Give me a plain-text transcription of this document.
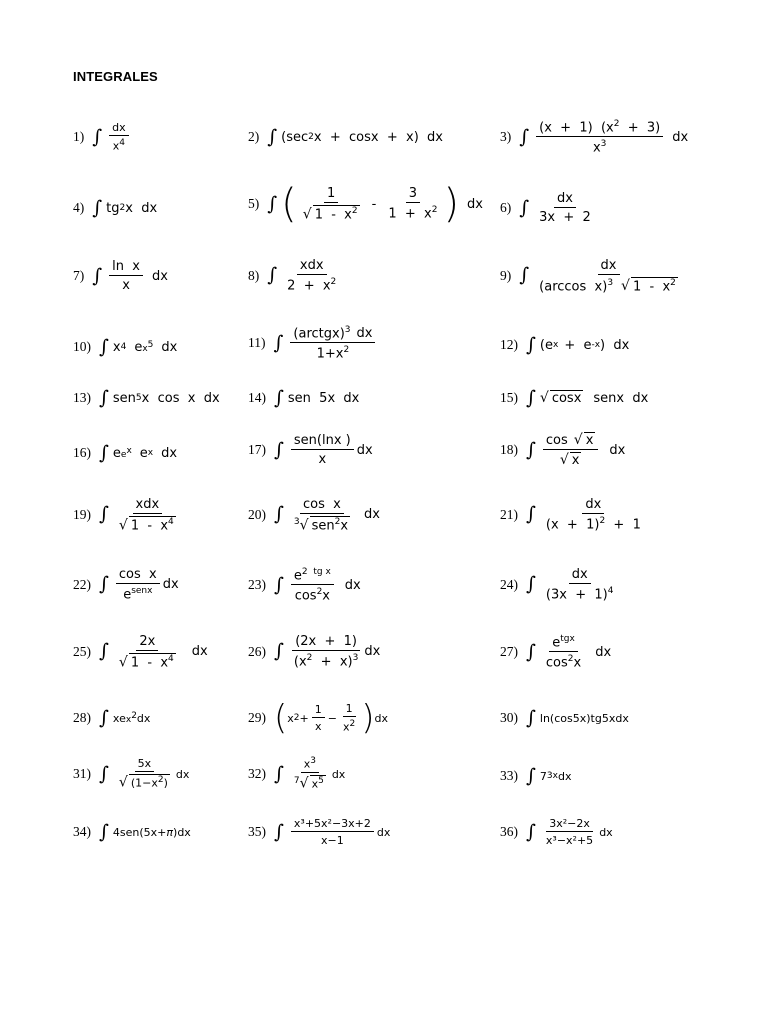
INTEGRALES
1) ∫ $\frac{dx}{x^4}$	2) ∫ (sec 2 x  +  cosx  +  x)  dx	3) ∫ $\frac{(x + 1) (x^2 + 3)}{x^3}$ dx
4) ∫ tg 2 x  dx	5) ∫ ( $\frac{1}{√ 1 - x^2} - \frac{3}{1 + x^2}$ ) dx 6) ∫ $\frac{dx}{3x + 2}$
7) ∫ $\frac{\text{ln  x}}{x}$ dx	8) ∫ $\frac{\text{xdx}}{2 + x^2}$	9) ∫ $\frac{dx}{(\arccos x)^3 √ 1 - x^2}$
10) ∫ x 4 e $x^5$ dx	11) ∫ $\frac{(arctgx)^3 dx}{1+x^2}$	12) ∫ (e x +  e -x )  dx
13) ∫ sen 5 x  cos  x  dx 14) ∫ sen  5x  dx	15) ∫ √ cosx senx  dx
16) ∫ e $e^x$ e x dx	17) ∫ $\frac{\text{sen(lnx )}}{x}$ dx	18) ∫ $\frac{\cos √ x}{√ x}$ dx
19) ∫ $\frac{\text{xdx}}{√ 1 - x^4}$	20) ∫ $\frac{\text{cos  x}}{^3√ sen^2x}$ dx	21) ∫ $\frac{dx}{(x + 1)^2 + 1}$
22) ∫ $\frac{\text{cos  x}}{e^{senx}}$ dx	23) ∫ $\frac{e^{2 tg x}}{\cos^2x}$ dx	24) ∫ $\frac{dx}{(3x + 1)^4}$
25) ∫ $\frac{2x}{√ 1 - x^4}$ dx	26) ∫ $\frac{(2x + 1)}{(x^2 + x)^3}$ dx	27) ∫ $\frac{e^{tgx}}{\cos^2x}$ dx
28) ∫ xe $x^2$ dx	29) ( x $2 + \frac{1}{x} - \frac{1}{x^2}$ ) dx	30) ∫ ln(cos5x)tg5xdx
31) ∫ $\frac{5x}{√ (1-x^2)}$ dx	32) ∫ $\frac{x^3}{^7√ x^5}$ dx	33) ∫ 7 3x dx
34) ∫ 4sen(5x+ π )dx	35) ∫ $\frac{\text{x³+5x²−3x+2}}{x-1}$ dx	36) ∫ $\frac{\text{3x²−2x}}{\text{x³−x²+5}}$ dx
